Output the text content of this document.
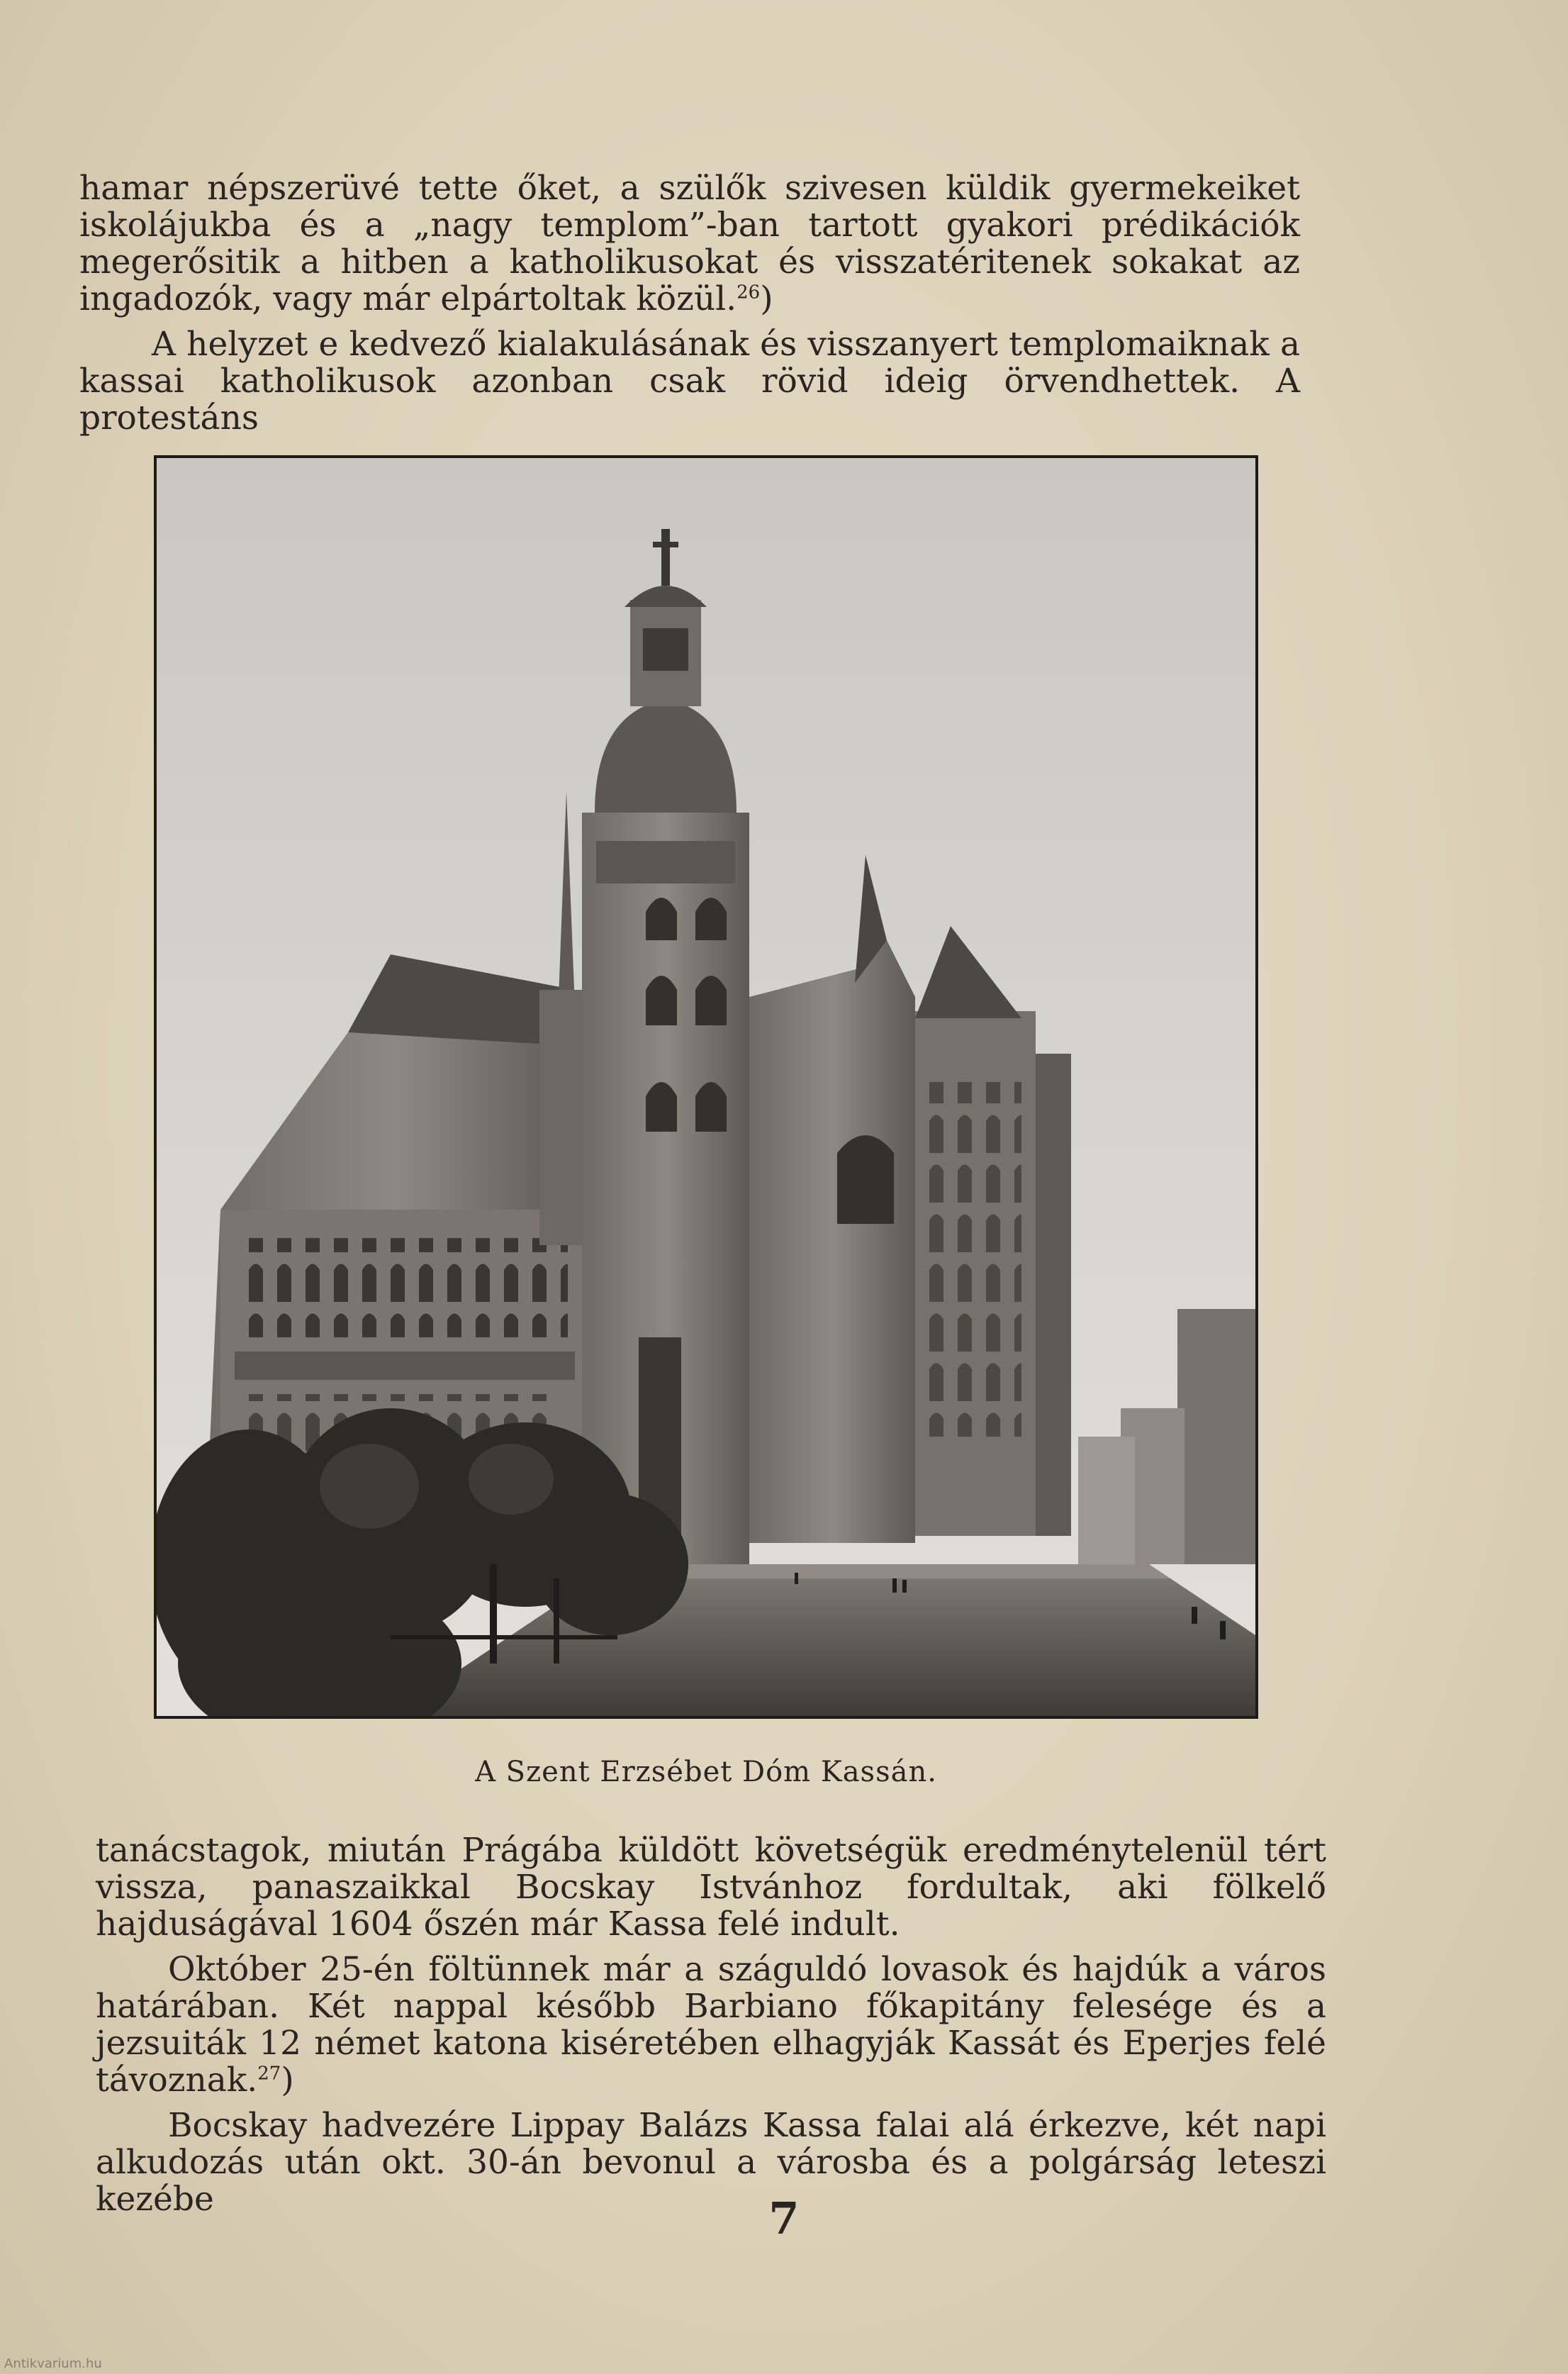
hamar népszerüvé tette őket, a szülők szivesen küldik gyermekeiket iskolájukba és a „nagy templom”-ban tartott gyakori prédikációk megerősitik a hitben a katholikusokat és visszatéritenek sokakat az ingadozók, vagy már elpártoltak közül.$^{26}$)

A helyzet e kedvező kialakulásának és visszanyert templomaiknak a kassai katholikusok azonban csak rövid ideig örvendhettek. A protestáns

A Szent Erzsébet Dóm Kassán.

tanácstagok, miután Prágába küldött követségük eredménytelenül tért vissza, panaszaikkal Bocskay Istvánhoz fordultak, aki fölkelő hajduságával 1604 őszén már Kassa felé indult.

Október 25-én föltünnek már a száguldó lovasok és hajdúk a város határában. Két nappal később Barbiano főkapitány felesége és a jezsuiták 12 német katona kiséretében elhagyják Kassát és Eperjes felé távoznak.$^{27}$)

Bocskay hadvezére Lippay Balázs Kassa falai alá érkezve, két napi alkudozás után okt. 30-án bevonul a városba és a polgárság leteszi kezébe	7
Antikvarium.hu
